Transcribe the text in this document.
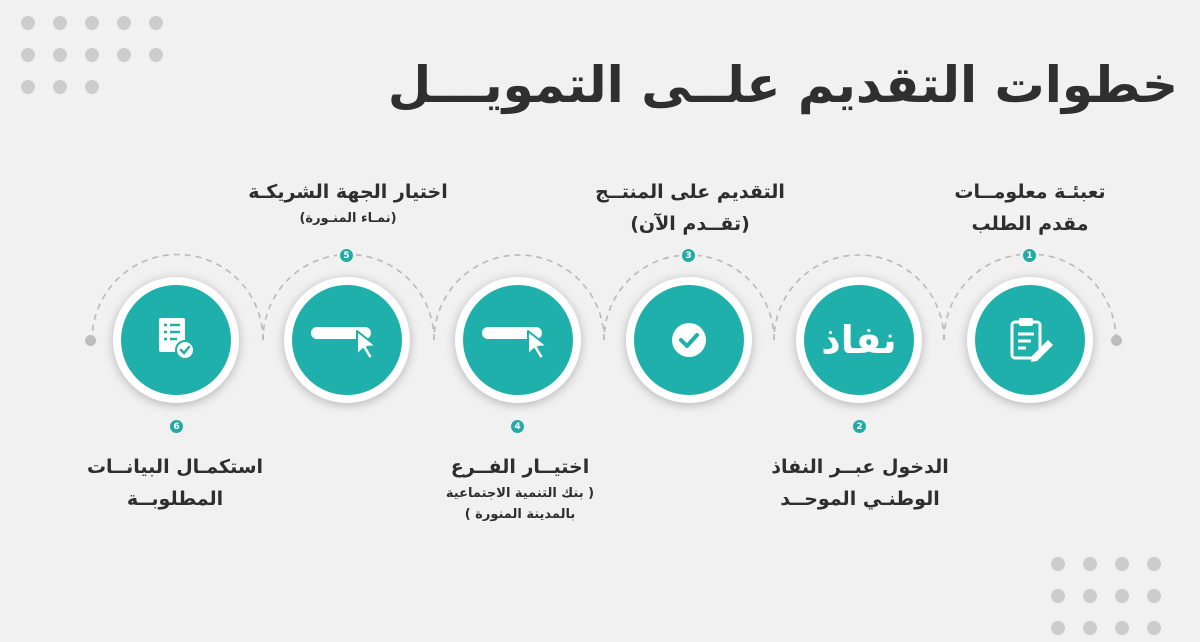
خطوات التقديم علــى التمويـــل
1
تعبئـة معلومــات
مقدم الطلب
نفاذ
2
الدخول عبــر النفاذ
الوطنـي الموحــد
3
التقديم على المنتــج
(تقــدم الآن)
4
اختيــار الفــرع
( بنك التنمية الاجتماعية
بالمدينة المنورة )
5
اختيار الجهة الشريكـة
(نمـاء المنـورة)
6
استكمـال البيانــات
المطلوبــة
